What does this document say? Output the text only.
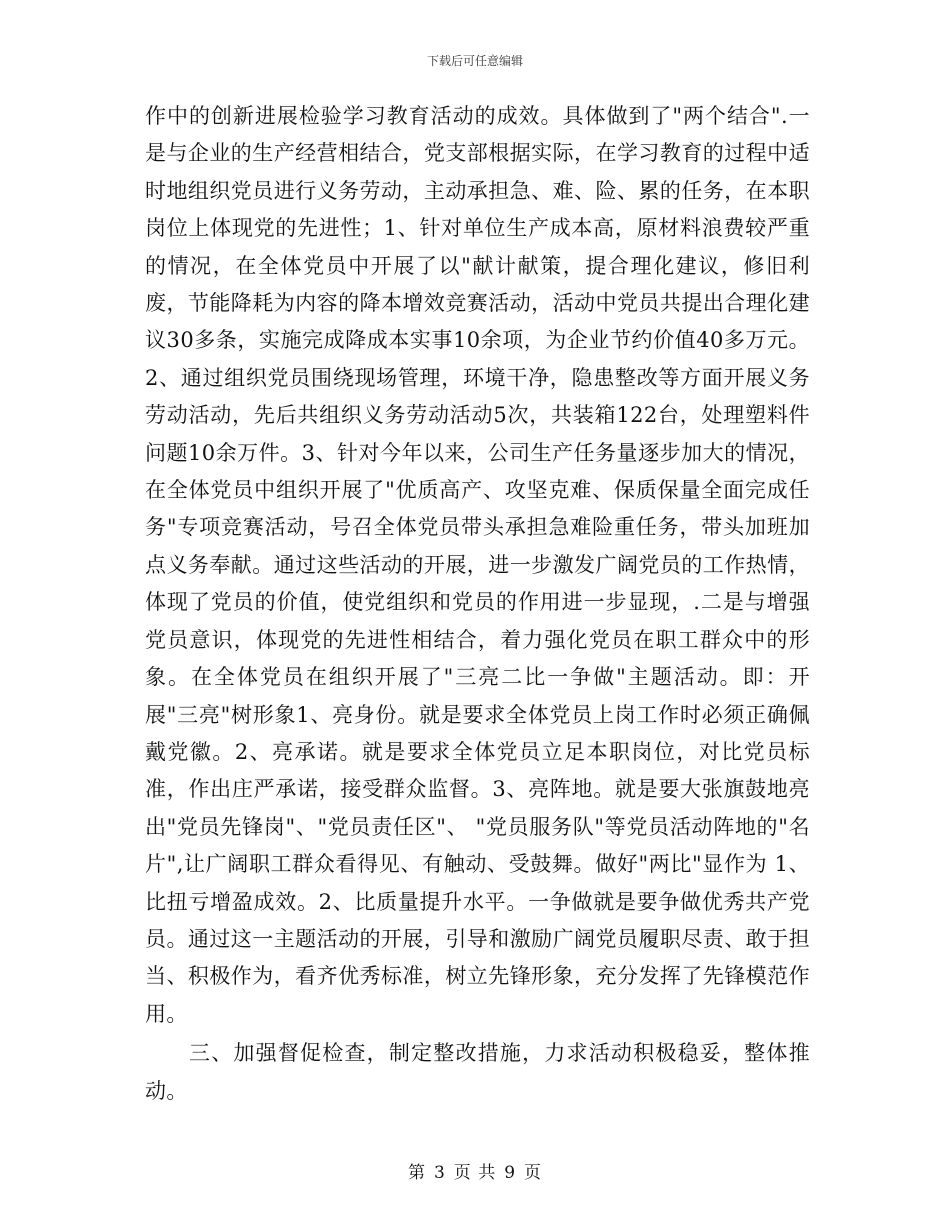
下载后可任意编辑

作中的创新进展检验学习教育活动的成效。具体做到了"两个结合".一是与企业的生产经营相结合，党支部根据实际，在学习教育的过程中适时地组织党员进行义务劳动，主动承担急、难、险、累的任务，在本职岗位上体现党的先进性；1、针对单位生产成本高，原材料浪费较严重的情况，在全体党员中开展了以"献计献策，提合理化建议，修旧利废，节能降耗为内容的降本增效竞赛活动，活动中党员共提出合理化建议30多条，实施完成降成本实事10余项，为企业节约价值40多万元。2、通过组织党员围绕现场管理，环境干净，隐患整改等方面开展义务劳动活动，先后共组织义务劳动活动5次，共装箱122台，处理塑料件问题10余万件。3、针对今年以来，公司生产任务量逐步加大的情况，在全体党员中组织开展了"优质高产、攻坚克难、保质保量全面完成任务"专项竞赛活动，号召全体党员带头承担急难险重任务，带头加班加点义务奉献。通过这些活动的开展，进一步激发广阔党员的工作热情，体现了党员的价值，使党组织和党员的作用进一步显现，.二是与增强党员意识，体现党的先进性相结合，着力强化党员在职工群众中的形象。在全体党员在组织开展了"三亮二比一争做"主题活动。即：开展"三亮"树形象1、亮身份。就是要求全体党员上岗工作时必须正确佩戴党徽。2、亮承诺。就是要求全体党员立足本职岗位，对比党员标准，作出庄严承诺，接受群众监督。3、亮阵地。就是要大张旗鼓地亮出"党员先锋岗"、"党员责任区"、 "党员服务队"等党员活动阵地的"名片",让广阔职工群众看得见、有触动、受鼓舞。做好"两比"显作为 1、比扭亏增盈成效。2、比质量提升水平。一争做就是要争做优秀共产党员。通过这一主题活动的开展，引导和激励广阔党员履职尽责、敢于担当、积极作为，看齐优秀标准，树立先锋形象，充分发挥了先锋模范作用。

三、加强督促检查，制定整改措施，力求活动积极稳妥，整体推动。

第 3 页 共 9 页
